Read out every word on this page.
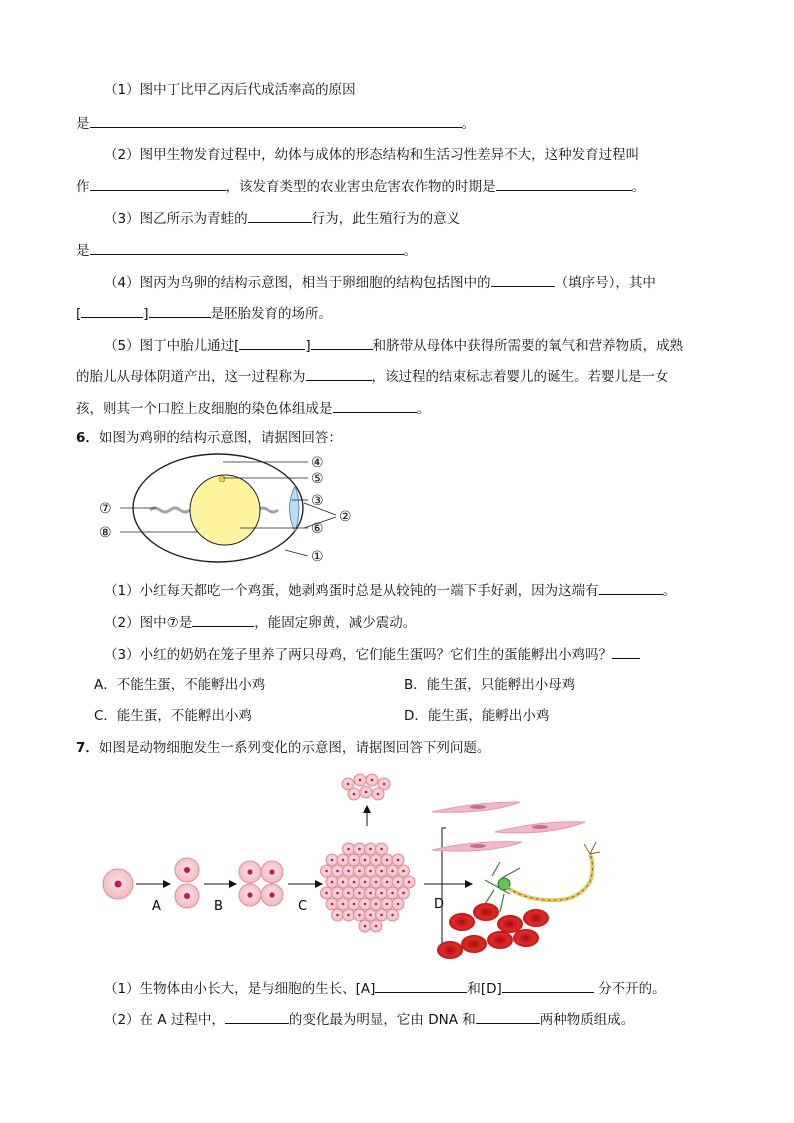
（1）图中丁比甲乙丙后代成活率高的原因
是	。
（2）图甲生物发育过程中，幼体与成体的形态结构和生活习性差异不大，这种发育过程叫
作	，该发育类型的农业害虫危害农作物的时期是	。
（3）图乙所示为青蛙的	行为，此生殖行为的意义
是	。
（4）图丙为鸟卵的结构示意图，相当于卵细胞的结构包括图中的	（填序号），其中
[	]	是胚胎发育的场所。
（5）图丁中胎儿通过[	]	和脐带从母体中获得所需要的氧气和营养物质，成熟
的胎儿从母体阴道产出，这一过程称为	，该过程的结束标志着婴儿的诞生。若婴儿是一女
孩，则其一个口腔上皮细胞的染色体组成是	。
6．如图为鸡卵的结构示意图，请据图回答：
④
⑤
③
②
⑥
①
⑦
⑧
（1）小红每天都吃一个鸡蛋，她剥鸡蛋时总是从较钝的一端下手好剥，因为这端有	。
（2）图中⑦是	，能固定卵黄，减少震动。
（3）小红的奶奶在笼子里养了两只母鸡，它们能生蛋吗？它们生的蛋能孵出小鸡吗？
A．不能生蛋，不能孵出小鸡	B．能生蛋，只能孵出小母鸡
C．能生蛋，不能孵出小鸡	D．能生蛋，能孵出小鸡
7．如图是动物细胞发生一系列变化的示意图，请据图回答下列问题。
A	B	C	D
（1）生物体由小长大，是与细胞的生长、[A]	和[D]	分不开的。
（2）在 A 过程中，	的变化最为明显，它由 DNA 和	两种物质组成。
